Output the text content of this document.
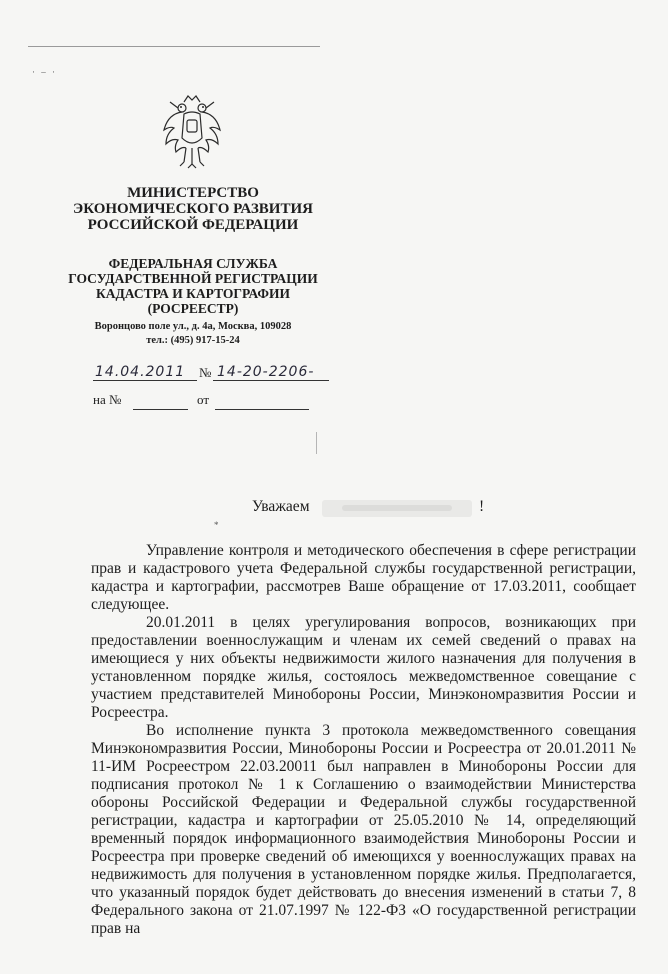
· – ·
МИНИСТЕРСТВО
ЭКОНОМИЧЕСКОГО РАЗВИТИЯ
РОССИЙСКОЙ ФЕДЕРАЦИИ
ФЕДЕРАЛЬНАЯ СЛУЖБА
ГОСУДАРСТВЕННОЙ РЕГИСТРАЦИИ
КАДАСТРА И КАРТОГРАФИИ
(РОСРЕЕСТР)
Воронцово поле ул., д. 4а, Москва, 109028
тел.: (495) 917-15-24
14.04.2011 № 14-20-2206-
на №	от
Уважаем	!
*

Управление контроля и методического обеспечения в сфере регистрации прав и кадастрового учета Федеральной службы государственной регистрации, кадастра и картографии, рассмотрев Ваше обращение от 17.03.2011, сообщает следующее.

20.01.2011 в целях урегулирования вопросов, возникающих при предоставлении военнослужащим и членам их семей сведений о правах на имеющиеся у них объекты недвижимости жилого назначения для получения в установленном порядке жилья, состоялось межведомственное совещание с участием представителей Минобороны России, Минэкономразвития России и Росреестра.

Во исполнение пункта 3 протокола межведомственного совещания Минэкономразвития России, Минобороны России и Росреестра от 20.01.2011 № 11-ИМ Росреестром 22.03.20011 был направлен в Минобороны России для подписания протокол № 1 к Соглашению о взаимодействии Министерства обороны Российской Федерации и Федеральной службы государственной регистрации, кадастра и картографии от 25.05.2010 № 14, определяющий временный порядок информационного взаимодействия Минобороны России и Росреестра при проверке сведений об имеющихся у военнослужащих правах на недвижимость для получения в установленном порядке жилья. Предполагается, что указанный порядок будет действовать до внесения изменений в статьи 7, 8 Федерального закона от 21.07.1997 № 122-ФЗ «О государственной регистрации прав на
